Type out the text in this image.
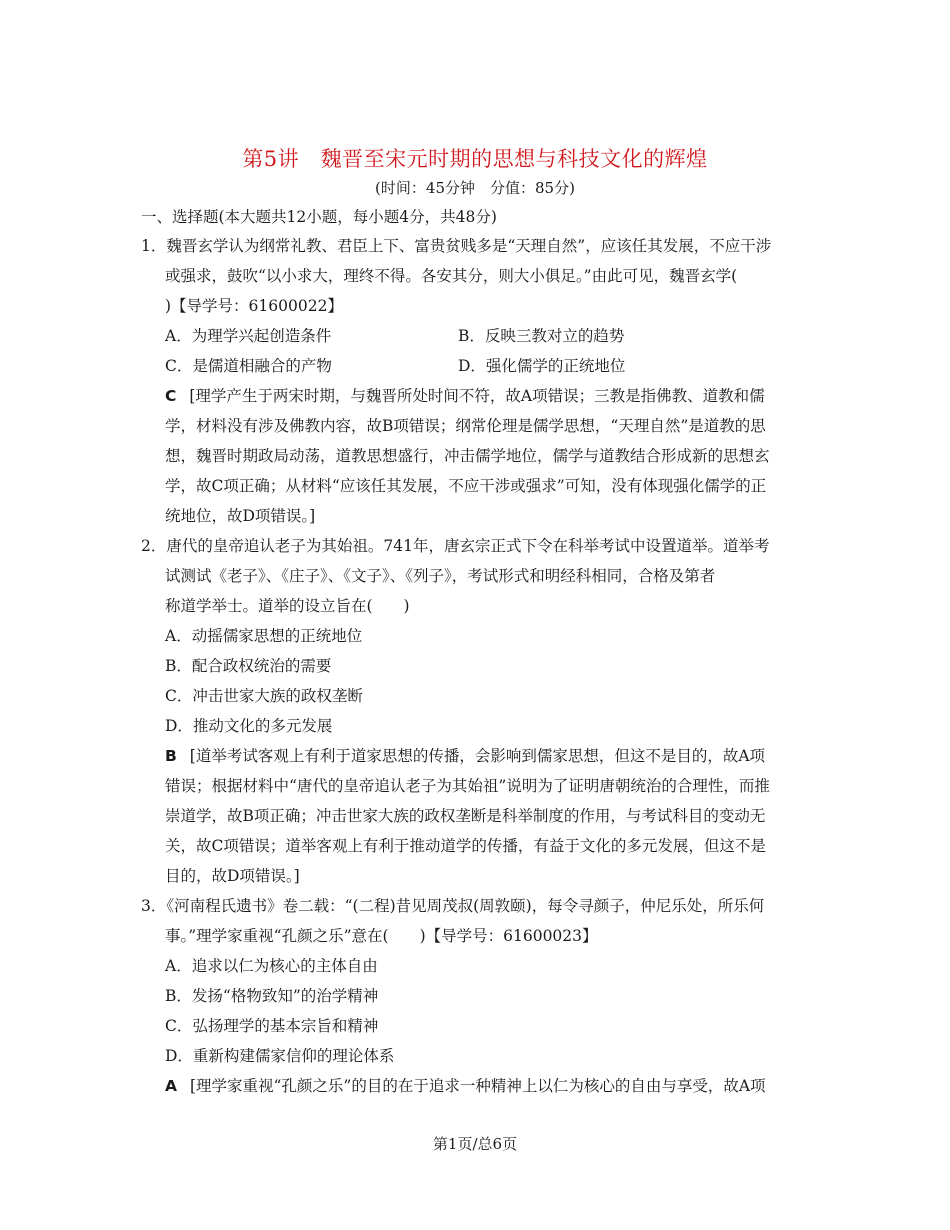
第5讲　魏晋至宋元时期的思想与科技文化的辉煌
(时间：45分钟　分值：85分)
一、选择题(本大题共12小题，每小题4分，共48分)
1．魏晋玄学认为纲常礼教、君臣上下、富贵贫贱多是“天理自然”，应该任其发展，不应干涉
或强求，鼓吹“以小求大，理终不得。各安其分，则大小俱足。”由此可见，魏晋玄学(
)【导学号：61600022】
A．为理学兴起创造条件	B．反映三教对立的趋势
C．是儒道相融合的产物	D．强化儒学的正统地位
C [理学产生于两宋时期，与魏晋所处时间不符，故A项错误；三教是指佛教、道教和儒
学，材料没有涉及佛教内容，故B项错误；纲常伦理是儒学思想，“天理自然”是道教的思
想，魏晋时期政局动荡，道教思想盛行，冲击儒学地位，儒学与道教结合形成新的思想玄
学，故C项正确；从材料“应该任其发展，不应干涉或强求”可知，没有体现强化儒学的正
统地位，故D项错误。]
2．唐代的皇帝追认老子为其始祖。741年，唐玄宗正式下令在科举考试中设置道举。道举考
试测试《老子》、《庄子》、《文子》、《列子》，考试形式和明经科相同，合格及第者
称道学举士。道举的设立旨在(　　)
A．动摇儒家思想的正统地位
B．配合政权统治的需要
C．冲击世家大族的政权垄断
D．推动文化的多元发展
B [道举考试客观上有利于道家思想的传播，会影响到儒家思想，但这不是目的，故A项
错误；根据材料中“唐代的皇帝追认老子为其始祖”说明为了证明唐朝统治的合理性，而推
崇道学，故B项正确；冲击世家大族的政权垄断是科举制度的作用，与考试科目的变动无
关，故C项错误；道举客观上有利于推动道学的传播，有益于文化的多元发展，但这不是
目的，故D项错误。]
3．《河南程氏遗书》卷二载：“(二程)昔见周茂叔(周敦颐)，每令寻颜子，仲尼乐处，所乐何
事。”理学家重视“孔颜之乐”意在(　　)【导学号：61600023】
A．追求以仁为核心的主体自由
B．发扬“格物致知”的治学精神
C．弘扬理学的基本宗旨和精神
D．重新构建儒家信仰的理论体系
A [理学家重视“孔颜之乐”的目的在于追求一种精神上以仁为核心的自由与享受，故A项
第1页/总6页
